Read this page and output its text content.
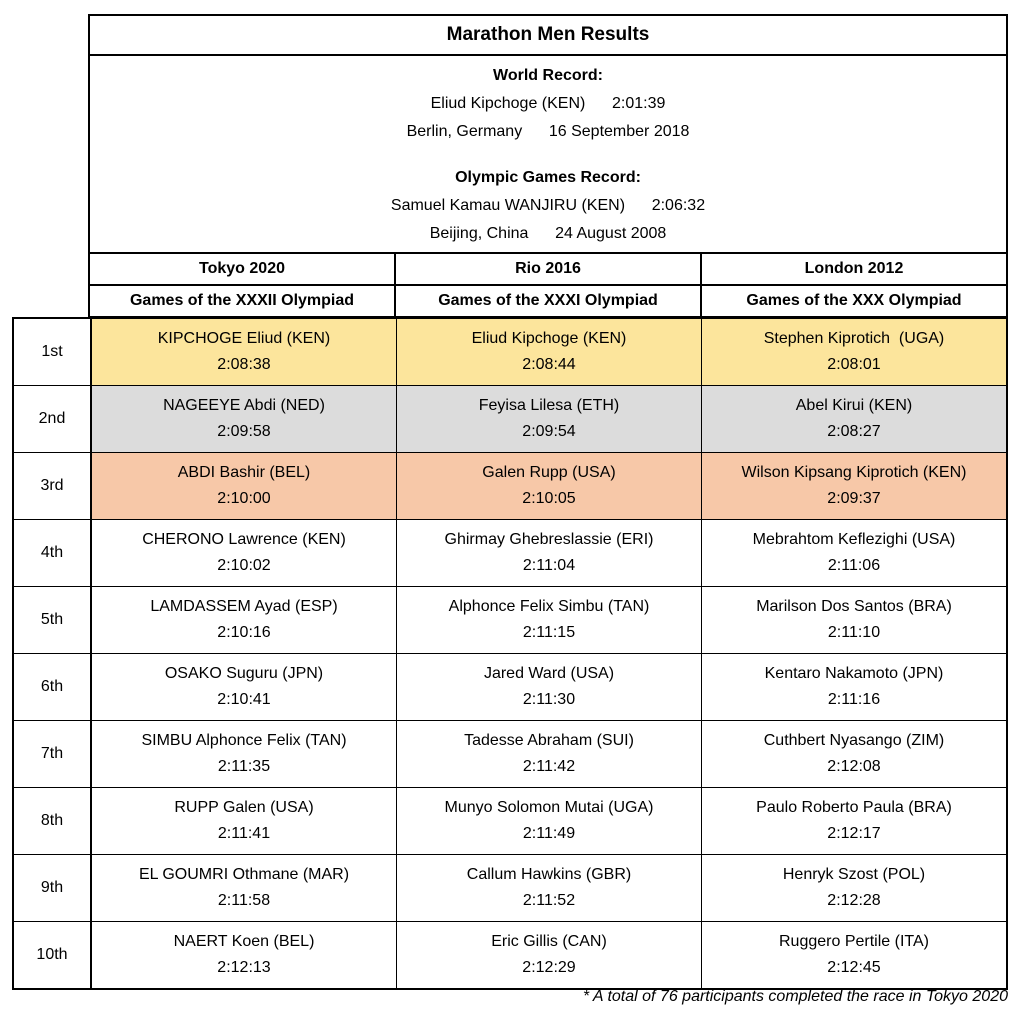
Marathon Men Results
World Record:
Eliud Kipchoge (KEN)      2:01:39
Berlin, Germany      16 September 2018
Olympic Games Record:
Samuel Kamau WANJIRU (KEN)      2:06:32
Beijing, China      24 August 2008
Tokyo 2020	Rio 2016	London 2012
Games of the XXXII Olympiad	Games of the XXXI Olympiad	Games of the XXX Olympiad
1st
KIPCHOGE Eliud (KEN)
2:08:38
Eliud Kipchoge (KEN)
2:08:44
Stephen Kiprotich  (UGA)
2:08:01
2nd
NAGEEYE Abdi (NED)
2:09:58
Feyisa Lilesa (ETH)
2:09:54
Abel Kirui (KEN)
2:08:27
3rd
ABDI Bashir (BEL)
2:10:00
Galen Rupp (USA)
2:10:05
Wilson Kipsang Kiprotich (KEN)
2:09:37
4th
CHERONO Lawrence (KEN)
2:10:02
Ghirmay Ghebreslassie (ERI)
2:11:04
Mebrahtom Keflezighi (USA)
2:11:06
5th
LAMDASSEM Ayad (ESP)
2:10:16
Alphonce Felix Simbu (TAN)
2:11:15
Marilson Dos Santos (BRA)
2:11:10
6th
OSAKO Suguru (JPN)
2:10:41
Jared Ward (USA)
2:11:30
Kentaro Nakamoto (JPN)
2:11:16
7th
SIMBU Alphonce Felix (TAN)
2:11:35
Tadesse Abraham (SUI)
2:11:42
Cuthbert Nyasango (ZIM)
2:12:08
8th
RUPP Galen (USA)
2:11:41
Munyo Solomon Mutai (UGA)
2:11:49
Paulo Roberto Paula (BRA)
2:12:17
9th
EL GOUMRI Othmane (MAR)
2:11:58
Callum Hawkins (GBR)
2:11:52
Henryk Szost (POL)
2:12:28
10th
NAERT Koen (BEL)
2:12:13
Eric Gillis (CAN)
2:12:29
Ruggero Pertile (ITA)
2:12:45
* A total of 76 participants completed the race in Tokyo 2020
